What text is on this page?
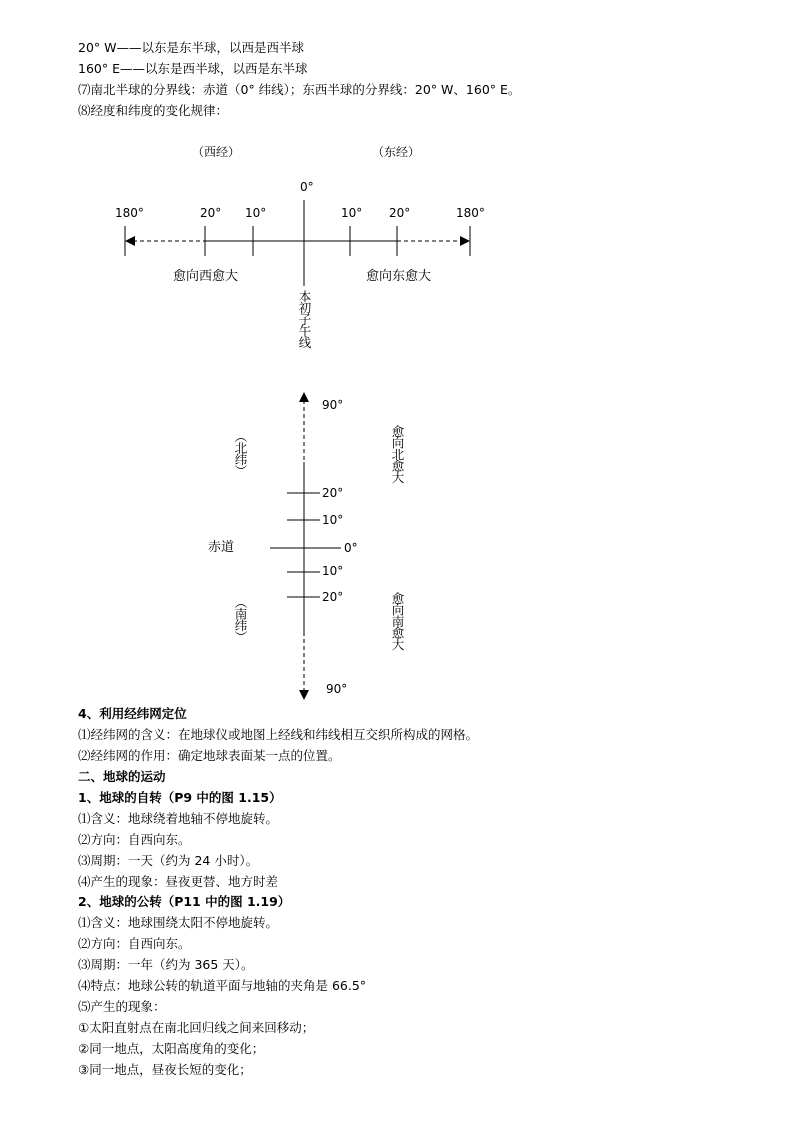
20° W——以东是东半球，以西是西半球
160° E——以东是西半球，以西是东半球
⑺南北半球的分界线：赤道（0° 纬线）；东西半球的分界线：20° W、160° E。
⑻经度和纬度的变化规律：
（西经）	（东经）
0°
180°	20° 10°	10° 20°	180°
愈向西愈大	愈向东愈大
本初子午线
90°
（北纬）	愈向北愈大
20°
10°
赤道	0°
10°
20°
（南纬）	愈向南愈大
90°
4、利用经纬网定位
⑴经纬网的含义：在地球仪或地图上经线和纬线相互交织所构成的网格。
⑵经纬网的作用：确定地球表面某一点的位置。
二、地球的运动
1、地球的自转（P9 中的图 1.15）
⑴含义：地球绕着地轴不停地旋转。
⑵方向：自西向东。
⑶周期：一天（约为 24 小时）。
⑷产生的现象：昼夜更替、地方时差
2、地球的公转（P11 中的图 1.19）
⑴含义：地球围绕太阳不停地旋转。
⑵方向：自西向东。
⑶周期：一年（约为 365 天）。
⑷特点：地球公转的轨道平面与地轴的夹角是 66.5°
⑸产生的现象：
①太阳直射点在南北回归线之间来回移动；
②同一地点，太阳高度角的变化；
③同一地点，昼夜长短的变化；
